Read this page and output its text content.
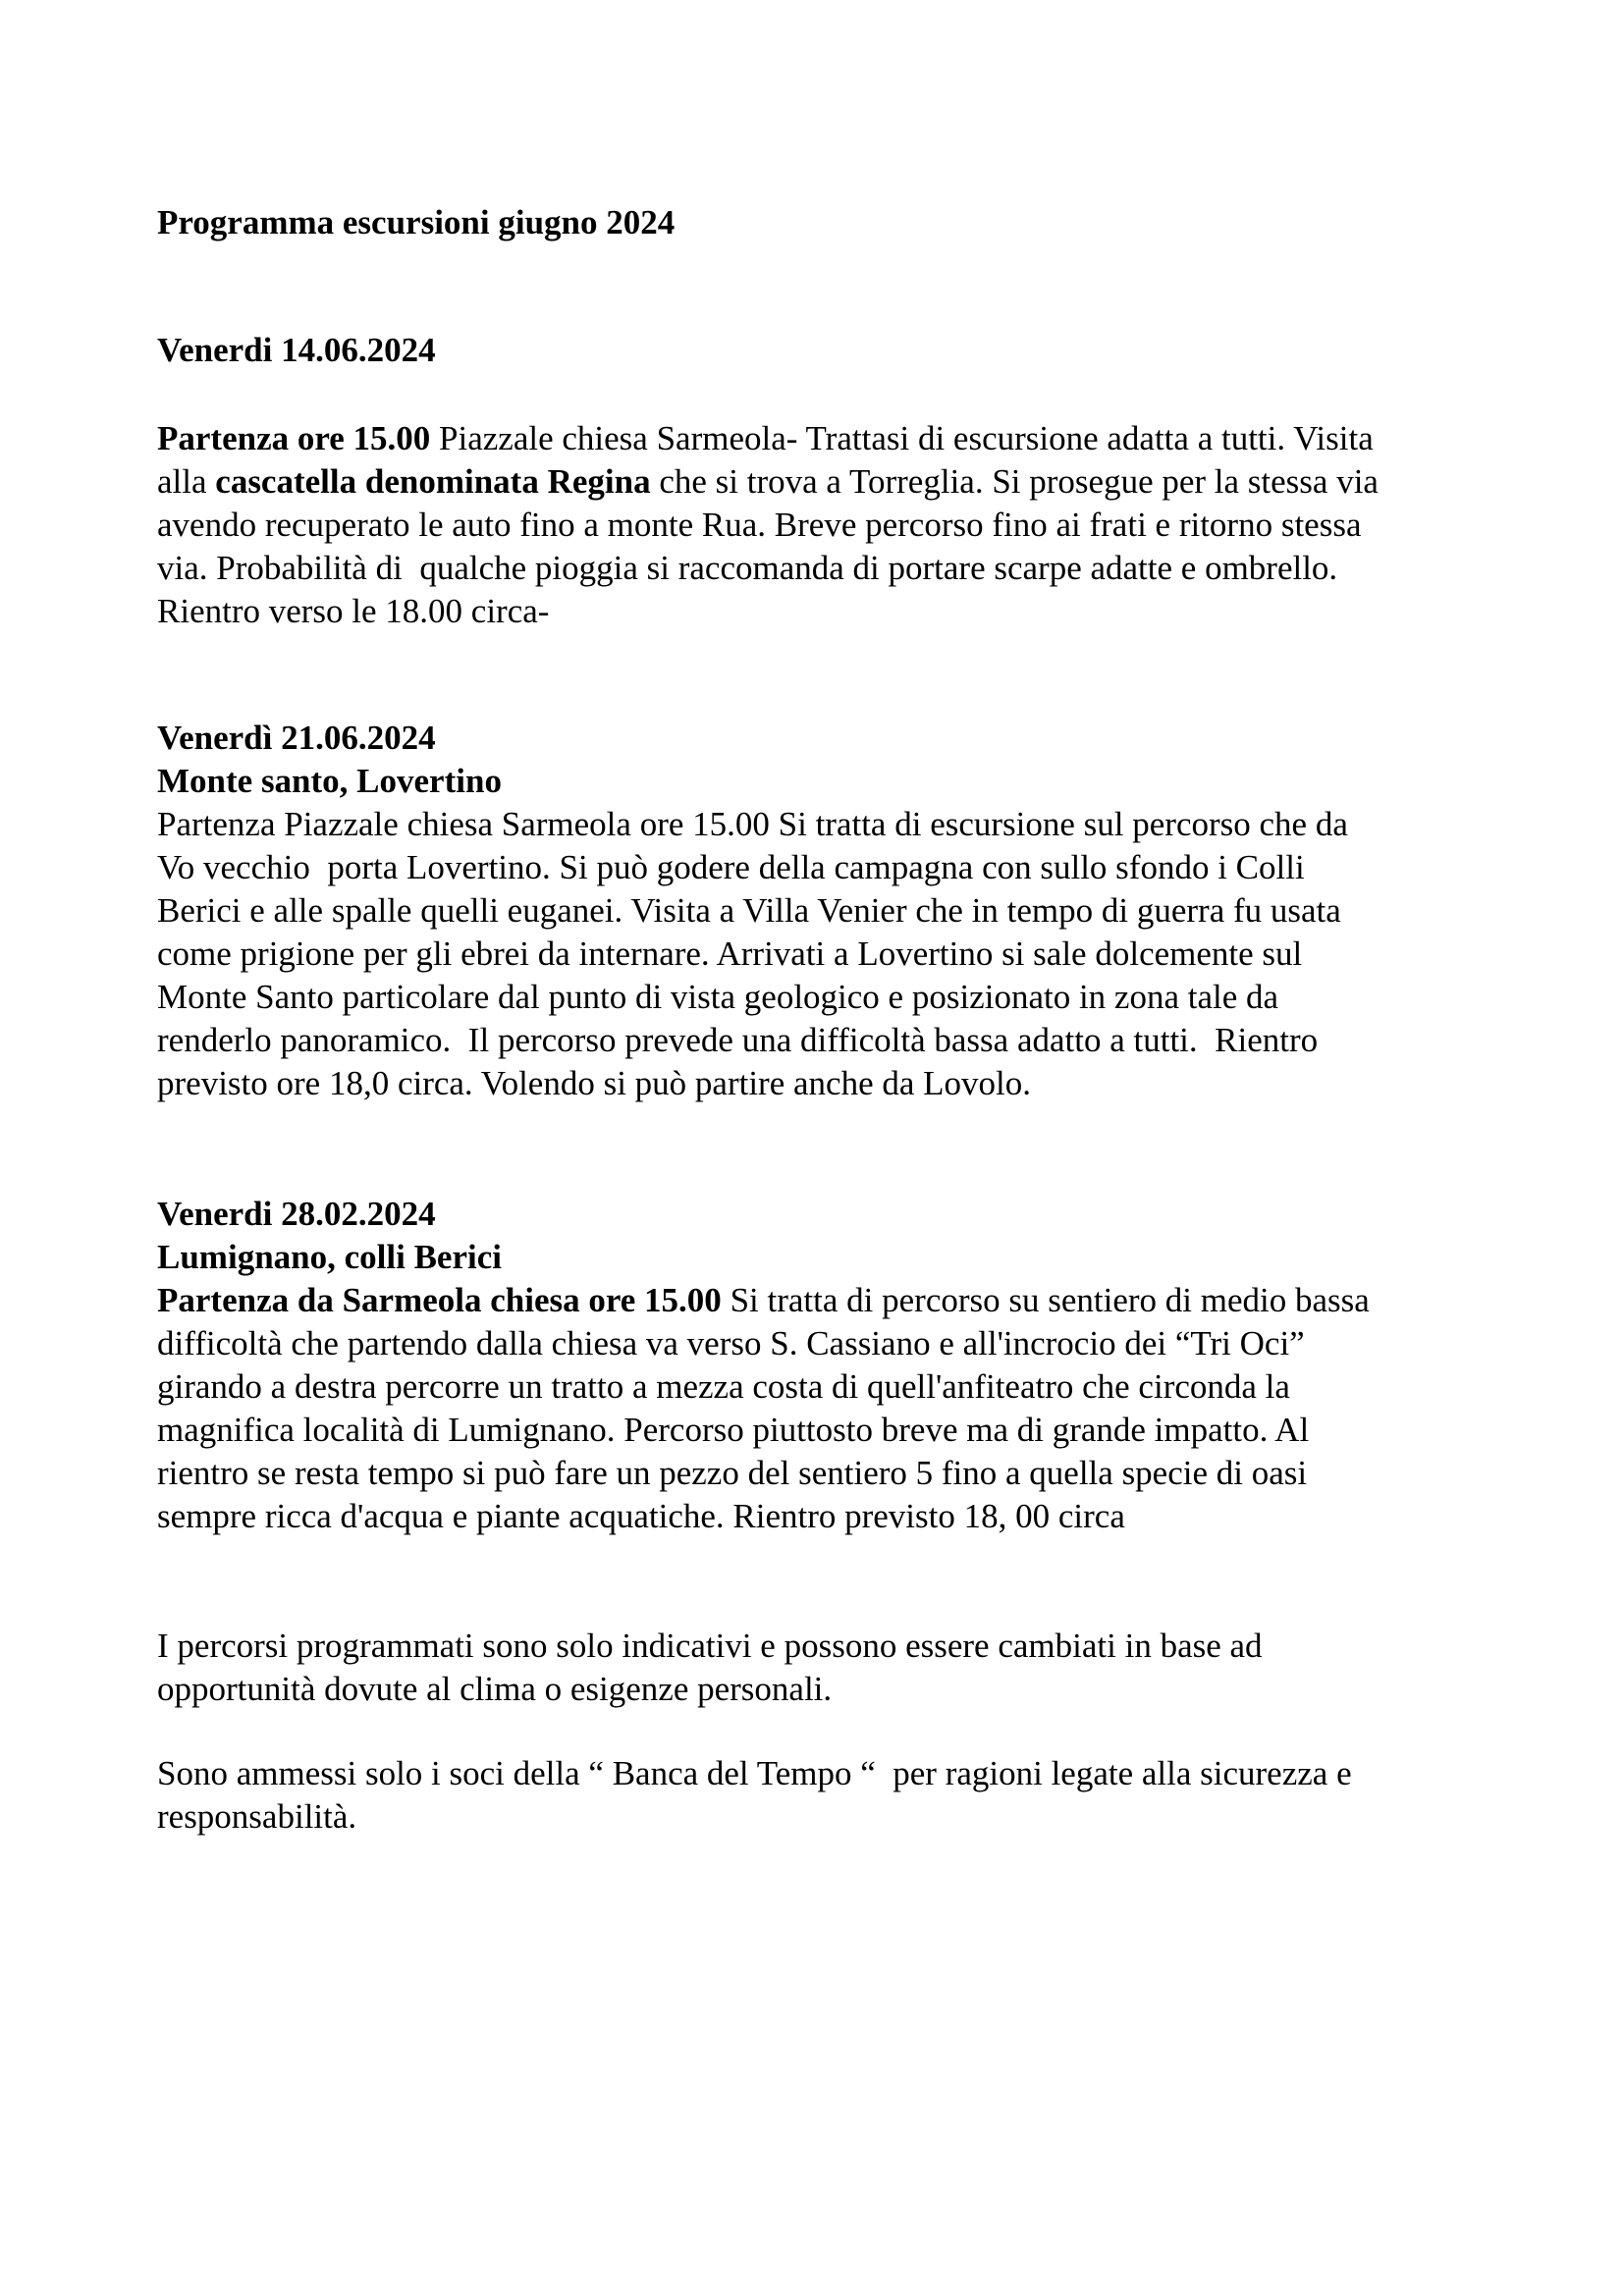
Programma escursioni giugno 2024
Venerdi 14.06.2024
Partenza ore 15.00 Piazzale chiesa Sarmeola- Trattasi di escursione adatta a tutti. Visita
alla cascatella denominata Regina che si trova a Torreglia. Si prosegue per la stessa via
avendo recuperato le auto fino a monte Rua. Breve percorso fino ai frati e ritorno stessa
via. Probabilità di  qualche pioggia si raccomanda di portare scarpe adatte e ombrello.
Rientro verso le 18.00 circa-
Venerdì 21.06.2024
Monte santo, Lovertino
Partenza Piazzale chiesa Sarmeola ore 15.00 Si tratta di escursione sul percorso che da
Vo vecchio  porta Lovertino. Si può godere della campagna con sullo sfondo i Colli
Berici e alle spalle quelli euganei. Visita a Villa Venier che in tempo di guerra fu usata
come prigione per gli ebrei da internare. Arrivati a Lovertino si sale dolcemente sul
Monte Santo particolare dal punto di vista geologico e posizionato in zona tale da
renderlo panoramico.  Il percorso prevede una difficoltà bassa adatto a tutti.  Rientro
previsto ore 18,0 circa. Volendo si può partire anche da Lovolo.
Venerdi 28.02.2024
Lumignano, colli Berici
Partenza da Sarmeola chiesa ore 15.00 Si tratta di percorso su sentiero di medio bassa
difficoltà che partendo dalla chiesa va verso S. Cassiano e all'incrocio dei “Tri Oci”
girando a destra percorre un tratto a mezza costa di quell'anfiteatro che circonda la
magnifica località di Lumignano. Percorso piuttosto breve ma di grande impatto. Al
rientro se resta tempo si può fare un pezzo del sentiero 5 fino a quella specie di oasi
sempre ricca d'acqua e piante acquatiche. Rientro previsto 18, 00 circa
I percorsi programmati sono solo indicativi e possono essere cambiati in base ad
opportunità dovute al clima o esigenze personali.
Sono ammessi solo i soci della “ Banca del Tempo “  per ragioni legate alla sicurezza e
responsabilità.
